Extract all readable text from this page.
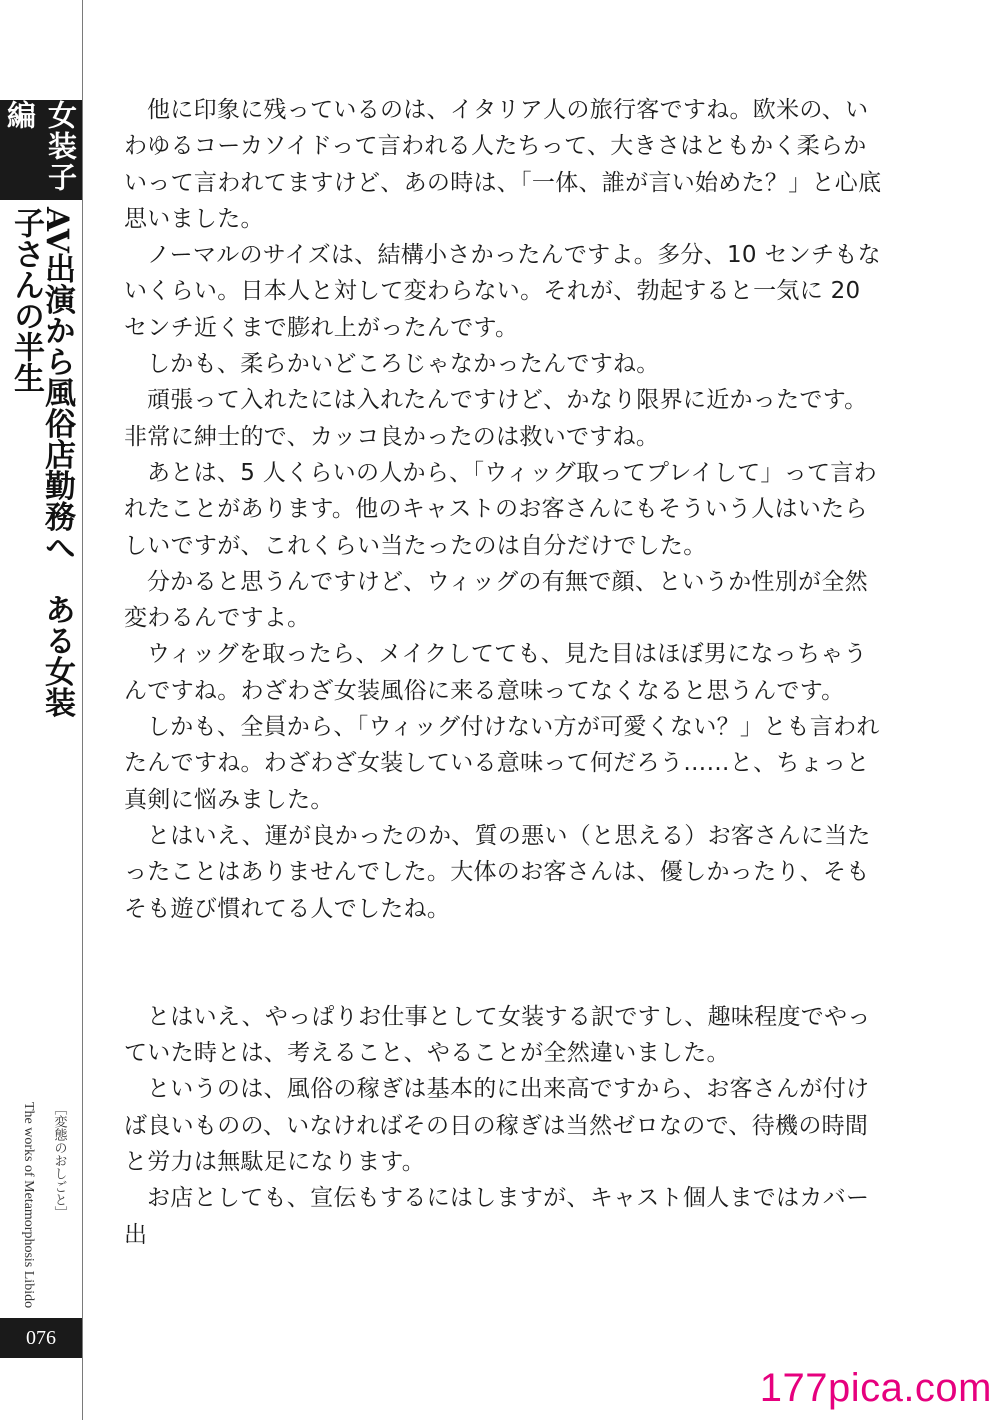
女装子編
AV出演から風俗店勤務へ　ある女装子さんの半生
The works of Metamorphosis Libido ［変態のおしごと］
076

他に印象に残っているのは、イタリア人の旅行客ですね。欧米の、いわゆるコーカソイドって言われる人たちって、大きさはともかく柔らかいって言われてますけど、あの時は、「一体、誰が言い始めた？」と心底思いました。

ノーマルのサイズは、結構小さかったんですよ。多分、10 センチもないくらい。日本人と対して変わらない。それが、勃起すると一気に 20 センチ近くまで膨れ上がったんです。

しかも、柔らかいどころじゃなかったんですね。

頑張って入れたには入れたんですけど、かなり限界に近かったです。非常に紳士的で、カッコ良かったのは救いですね。

あとは、5 人くらいの人から、「ウィッグ取ってプレイして」って言われたことがあります。他のキャストのお客さんにもそういう人はいたらしいですが、これくらい当たったのは自分だけでした。

分かると思うんですけど、ウィッグの有無で顔、というか性別が全然変わるんですよ。

ウィッグを取ったら、メイクしてても、見た目はほぼ男になっちゃうんですね。わざわざ女装風俗に来る意味ってなくなると思うんです。

しかも、全員から、「ウィッグ付けない方が可愛くない？」とも言われたんですね。わざわざ女装している意味って何だろう……と、ちょっと真剣に悩みました。

とはいえ、運が良かったのか、質の悪い（と思える）お客さんに当たったことはありませんでした。大体のお客さんは、優しかったり、そもそも遊び慣れてる人でしたね。

とはいえ、やっぱりお仕事として女装する訳ですし、趣味程度でやっていた時とは、考えること、やることが全然違いました。

というのは、風俗の稼ぎは基本的に出来高ですから、お客さんが付けば良いものの、いなければその日の稼ぎは当然ゼロなので、待機の時間と労力は無駄足になります。

お店としても、宣伝もするにはしますが、キャスト個人まではカバー出

177pica.com
